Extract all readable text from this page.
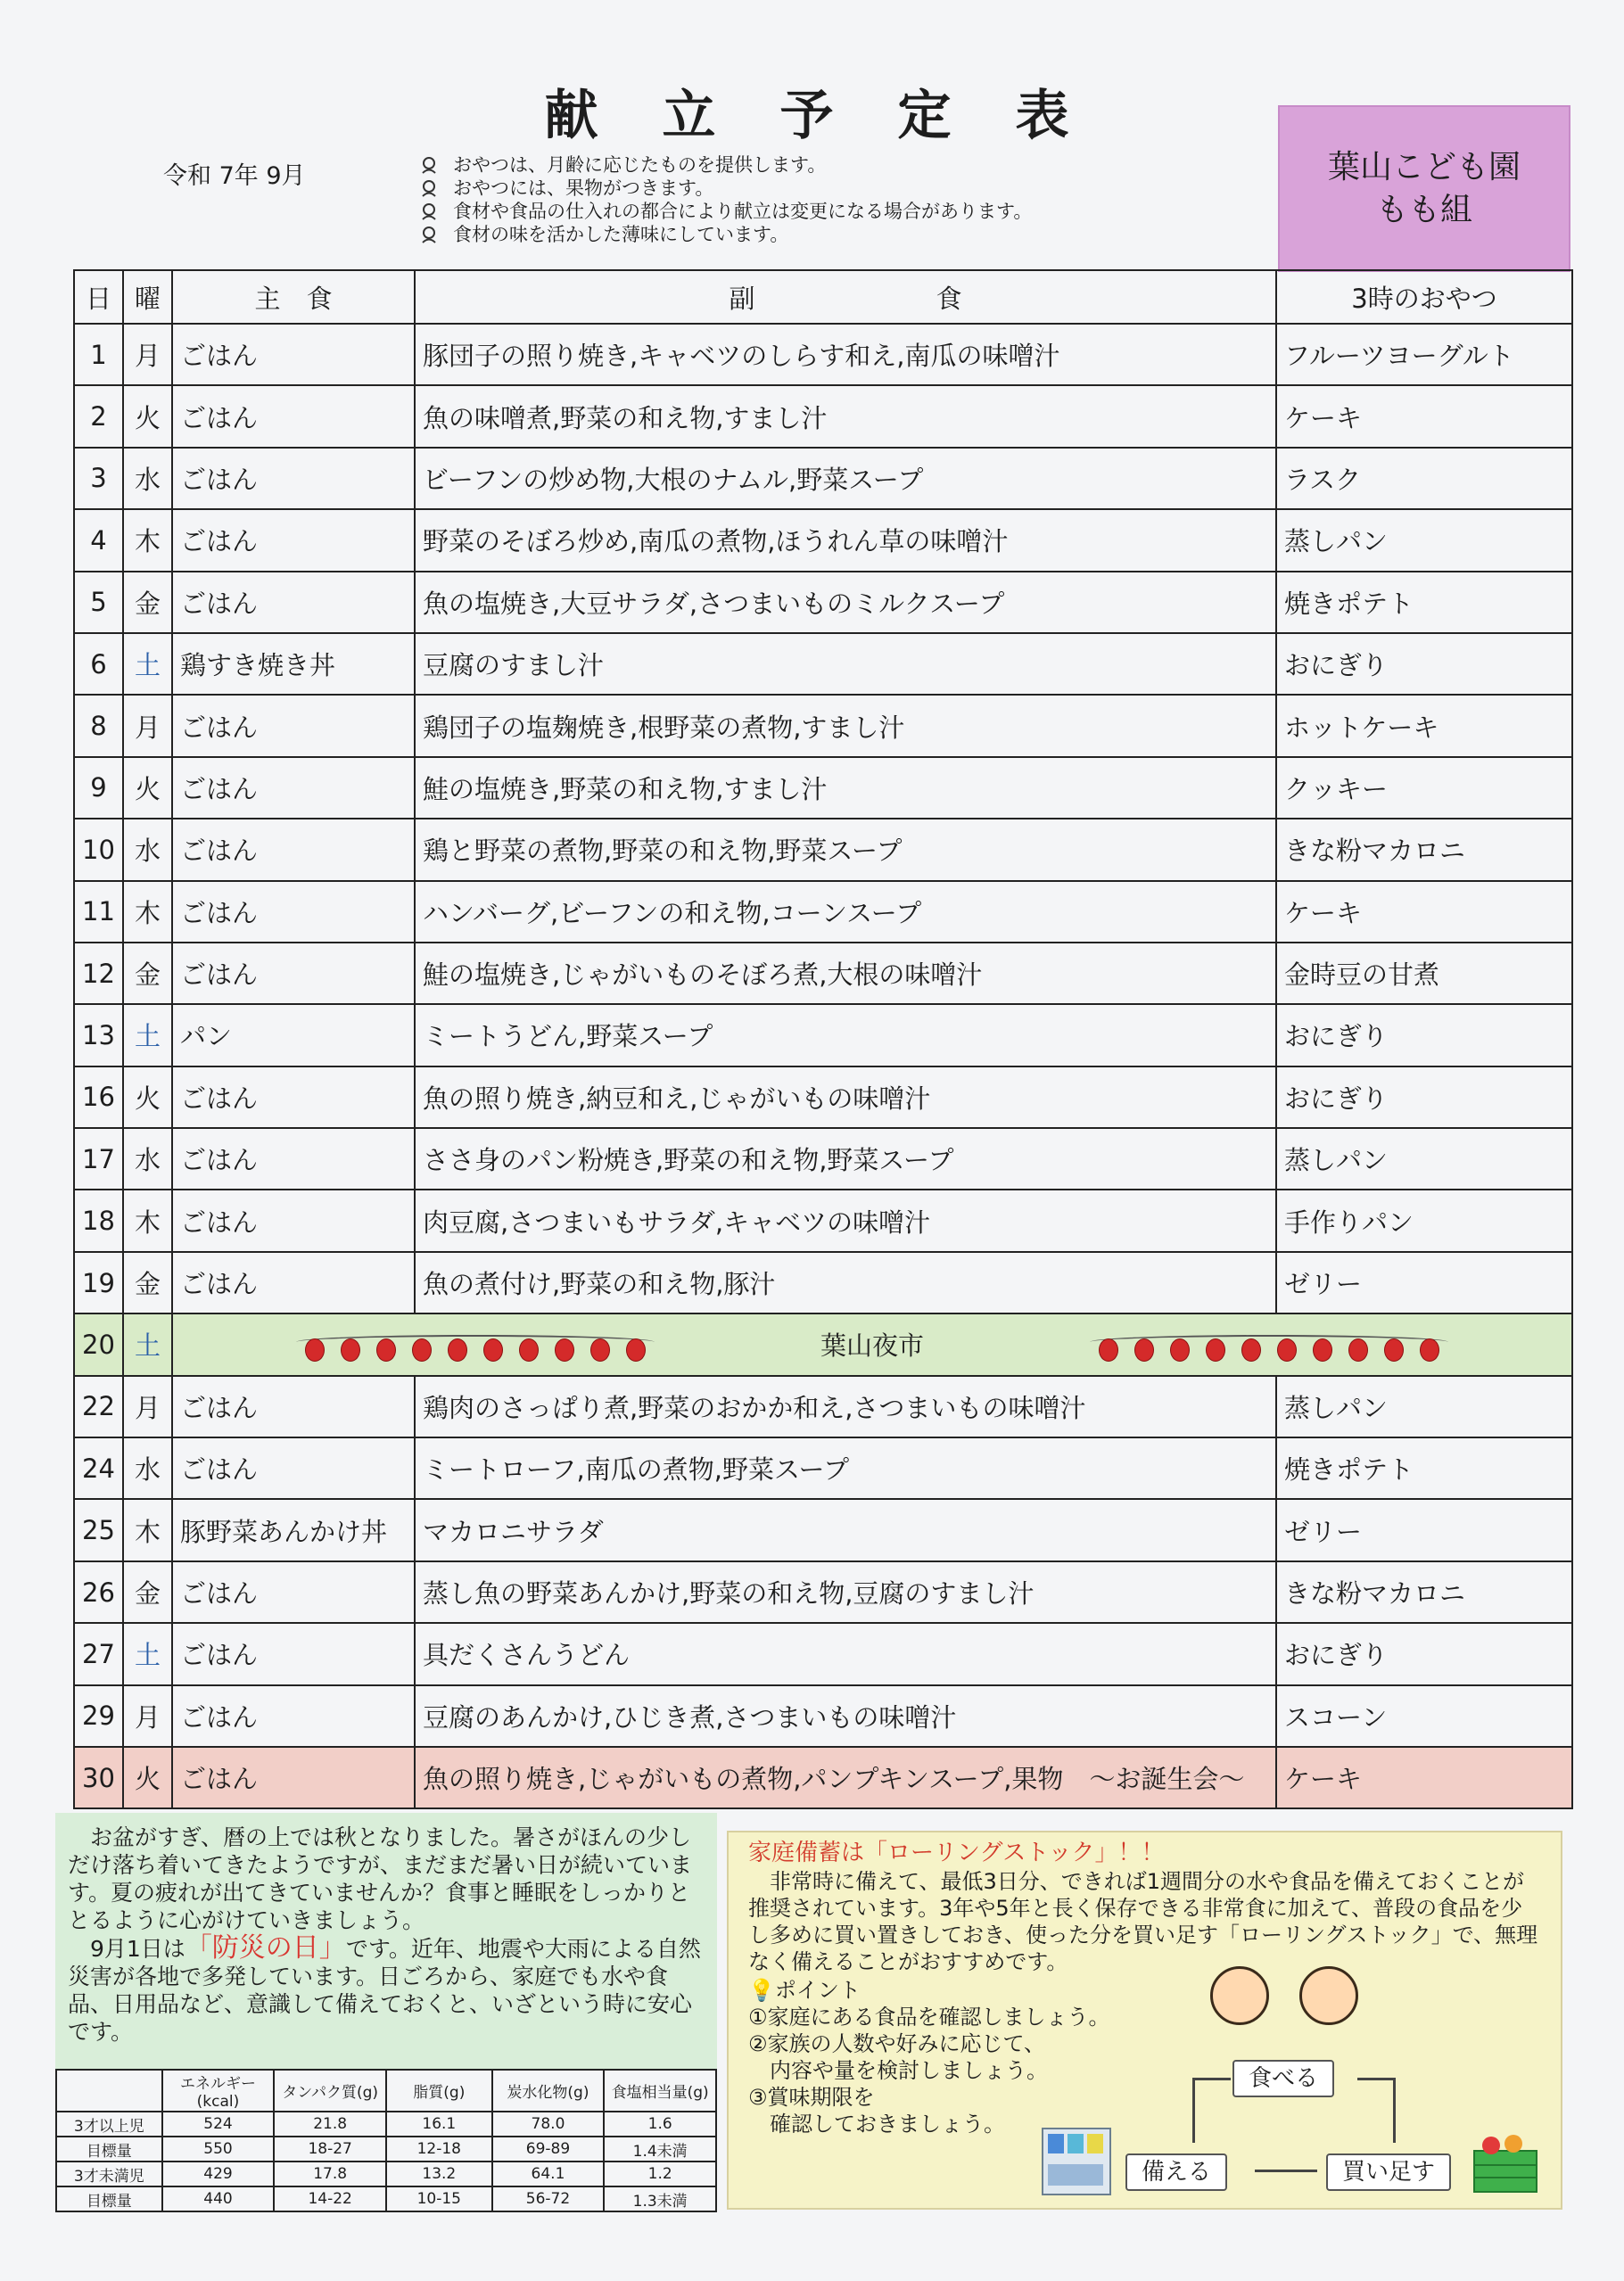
献立予定表
令和 7年 9月	おやつは、月齢に応じたものを提供します。
おやつには、果物がつきます。
食材や食品の仕入れの都合により献立は変更になる場合があります。
食材の味を活かした薄味にしています。
葉山こども園
もも組
日	曜	主　食	副　　　　　　　食	3時のおやつ
1	月	ごはん	豚団子の照り焼き,キャベツのしらす和え,南瓜の味噌汁	フルーツヨーグルト
2	火	ごはん	魚の味噌煮,野菜の和え物,すまし汁	ケーキ
3	水	ごはん	ビーフンの炒め物,大根のナムル,野菜スープ	ラスク
4	木	ごはん	野菜のそぼろ炒め,南瓜の煮物,ほうれん草の味噌汁	蒸しパン
5	金	ごはん	魚の塩焼き,大豆サラダ,さつまいものミルクスープ	焼きポテト
6	土	鶏すき焼き丼	豆腐のすまし汁	おにぎり
8	月	ごはん	鶏団子の塩麹焼き,根野菜の煮物,すまし汁	ホットケーキ
9	火	ごはん	鮭の塩焼き,野菜の和え物,すまし汁	クッキー
10	水	ごはん	鶏と野菜の煮物,野菜の和え物,野菜スープ	きな粉マカロニ
11	木	ごはん	ハンバーグ,ビーフンの和え物,コーンスープ	ケーキ
12	金	ごはん	鮭の塩焼き,じゃがいものそぼろ煮,大根の味噌汁	金時豆の甘煮
13	土	パン	ミートうどん,野菜スープ	おにぎり
16	火	ごはん	魚の照り焼き,納豆和え,じゃがいもの味噌汁	おにぎり
17	水	ごはん	ささ身のパン粉焼き,野菜の和え物,野菜スープ	蒸しパン
18	木	ごはん	肉豆腐,さつまいもサラダ,キャベツの味噌汁	手作りパン
19	金	ごはん	魚の煮付け,野菜の和え物,豚汁	ゼリー
20	土	葉山夜市		

22	月	ごはん	鶏肉のさっぱり煮,野菜のおかか和え,さつまいもの味噌汁	蒸しパン
24	水	ごはん	ミートローフ,南瓜の煮物,野菜スープ	焼きポテト
25	木	豚野菜あんかけ丼	マカロニサラダ	ゼリー
26	金	ごはん	蒸し魚の野菜あんかけ,野菜の和え物,豆腐のすまし汁	きな粉マカロニ
27	土	ごはん	具だくさんうどん	おにぎり
29	月	ごはん	豆腐のあんかけ,ひじき煮,さつまいもの味噌汁	スコーン
30	火	ごはん	魚の照り焼き,じゃがいもの煮物,パンプキンスープ,果物  ～お誕生会～	ケーキ

 お盆がすぎ、暦の上では秋となりました。暑さがほんの少しだけ落ち着いてきたようですが、まだまだ暑い日が続いています。夏の疲れが出てきていませんか？食事と睡眠をしっかりととるように心がけていきましょう。

 9月1日は「防災の日」です。近年、地震や大雨による自然災害が各地で多発しています。日ごろから、家庭でも水や食品、日用品など、意識して備えておくと、いざという時に安心です。

	エネルギー(kcal)	タンパク質(g)	脂質(g)	炭水化物(g)	食塩相当量(g)
3才以上児	524	21.8	16.1	78.0	1.6
目標量	550	18-27	12-18	69-89	1.4未満
3才未満児	429	17.8	13.2	64.1	1.2
目標量	440	14-22	10-15	56-72	1.3未満
家庭備蓄は「ローリングストック」！！

 非常時に備えて、最低3日分、できれば1週間分の水や食品を備えておくことが推奨されています。3年や5年と長く保存できる非常食に加えて、普段の食品を少し多めに買い置きしておき、使った分を買い足す「ローリングストック」で、無理なく備えることがおすすめです。

💡ポイント
①家庭にある食品を確認しましょう。
②家族の人数や好みに応じて、
　内容や量を検討しましょう。
③賞味期限を
　確認しておきましょう。
食べる
買い足す
備える
